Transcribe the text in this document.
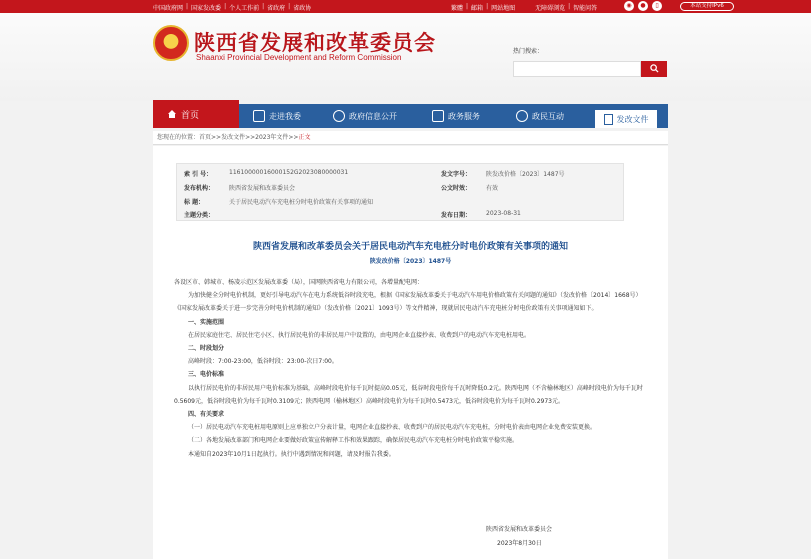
中国政府网 | 国家发改委 | 个人工作前 | 省政府 | 省政协	繁體 | 邮箱 | 网站地图	无障碍浏览 | 智能问答	◉	●	▯	本站支持IPv6
陕西省发展和改革委员会
Shaanxi Provincial Development and Reform Commission
热门搜索：
首页	走进我委	政府信息公开	政务服务	政民互动	发改文件
您现在的位置：首页>>发改文件>>2023年文件>>正文
索 引 号：	11610000016000152G2023080000031	发文字号： 陕发改价格〔2023〕1487号
发布机构： 陕西省发展和改革委员会	公文时效： 有效
标 题：	关于居民电动汽车充电桩分时电价政策有关事项的通知
主题分类：	发布日期： 2023-08-31
陕西省发展和改革委员会关于居民电动汽车充电桩分时电价政策有关事项的通知
陕发改价格〔2023〕1487号

各设区市、韩城市、杨凌示范区发展改革委（局），国网陕西省电力有限公司，各增量配电网：

为加快健全分时电价机制，更好引导电动汽车在电力系统低谷时段充电，根据《国家发展改革委关于电动汽车用电价格政策有关问题的通知》（发改价格〔2014〕1668号）《国家发展改革委关于进一步完善分时电价机制的通知》（发改价格〔2021〕1093号）等文件精神，现就居民电动汽车充电桩分时电价政策有关事项通知如下。

一、实施范围

在居民家庭住宅、居民住宅小区、执行居民电价的非居民用户中设置的，由电网企业直接抄表、收费到户的电动汽车充电桩用电。

二、时段划分

高峰时段：7:00-23:00，低谷时段：23:00-次日7:00。

三、电价标准

以执行居民电价的非居民用户电价标准为基础，高峰时段电价每千瓦时提高0.05元，低谷时段电价每千瓦时降低0.2元。陕西电网（不含榆林地区）高峰时段电价为每千瓦时0.5609元，低谷时段电价为每千瓦时0.3109元；陕西电网（榆林地区）高峰时段电价为每千瓦时0.5473元，低谷时段电价为每千瓦时0.2973元。

四、有关要求

（一）居民电动汽车充电桩用电原则上应单独立户分表计量，电网企业直接抄表、收费到户的居民电动汽车充电桩，分时电价表由电网企业免费安装更换。

（二）各地发展改革部门和电网企业要做好政策宣传解释工作和效果跟踪，确保居民电动汽车充电桩分时电价政策平稳实施。

本通知自2023年10月1日起执行。执行中遇到情况和问题，请及时报告我委。

陕西省发展和改革委员会
2023年8月30日
